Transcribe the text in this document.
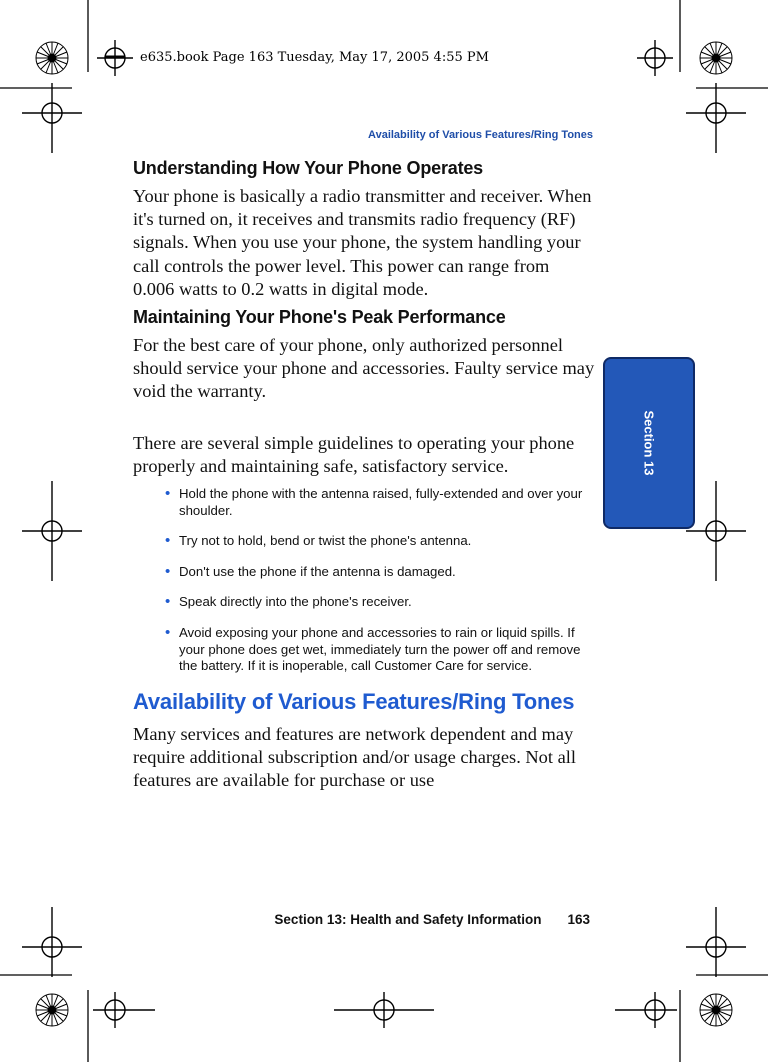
e635.book Page 163 Tuesday, May 17, 2005 4:55 PM
Availability of Various Features/Ring Tones
Section 13
Understanding How Your Phone Operates

Your phone is basically a radio transmitter and receiver. When it's turned on, it receives and transmits radio frequency (RF) signals. When you use your phone, the system handling your call controls the power level. This power can range from 0.006 watts to 0.2 watts in digital mode.

Maintaining Your Phone's Peak Performance

For the best care of your phone, only authorized personnel should service your phone and accessories. Faulty service may void the warranty.

There are several simple guidelines to operating your phone properly and maintaining safe, satisfactory service.

• Hold the phone with the antenna raised, fully-extended and over your shoulder.
• Try not to hold, bend or twist the phone's antenna.
• Don't use the phone if the antenna is damaged.
• Speak directly into the phone's receiver.
• Avoid exposing your phone and accessories to rain or liquid spills. If your phone does get wet, immediately turn the power off and remove the battery. If it is inoperable, call Customer Care for service.
Availability of Various Features/Ring Tones

Many services and features are network dependent and may require additional subscription and/or usage charges. Not all features are available for purchase or use

Section 13: Health and Safety Information 163
